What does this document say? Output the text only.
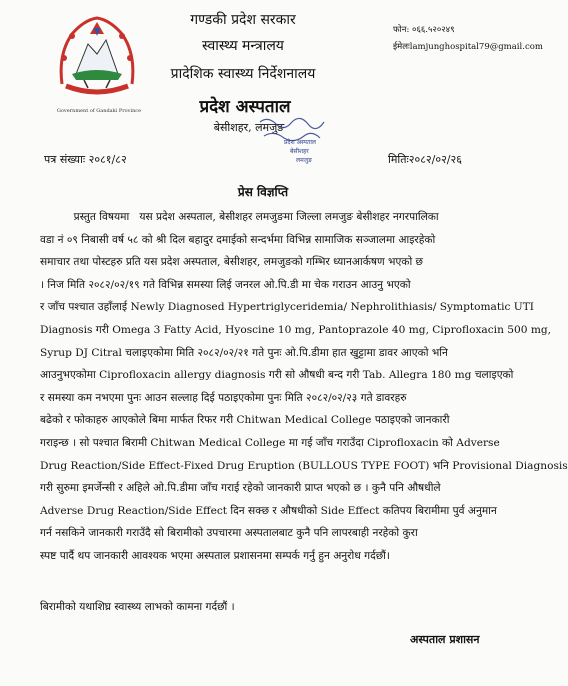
Government of Gandaki Province
गण्डकी प्रदेश सरकार
स्वास्थ्य मन्त्रालय
प्रादेशिक स्वास्थ्य निर्देशनालय
प्रदेश अस्पताल
बेसीशहर, लमजुङ
फोन: ०६६.५२०२४९
ईमेलःlamjunghospital79@gmail.com
प्रदेश अस्पताल
बेसीशहर
लमजुङ
पत्र संख्याः २०८१/८२	मितिः२०८२/०२/२६
प्रेस विज्ञप्ति
प्रस्तुत विषयमा   यस प्रदेश अस्पताल, बेसीशहर लमजुङमा जिल्ला लमजुङ बेसीशहर नगरपालिका
वडा नं ०९ निबासी वर्ष ५८ को श्री दिल बहादुर दमाईको सन्दर्भमा विभिन्न सामाजिक सञ्जालमा आइरहेको
समाचार तथा पोस्टहरु प्रति यस प्रदेश अस्पताल, बेसीशहर, लमजुङको गम्भिर ध्यानआर्कषण भएको छ
। निज मिति २०८२/०२/१९ गते विभिन्न समस्या लिई जनरल ओ.पि.डी मा चेक गराउन आउनु भएको
र जाँच पश्चात उहाँलाई Newly Diagnosed Hypertriglyceridemia/ Nephrolithiasis/ Symptomatic UTI
Diagnosis गरी Omega 3 Fatty Acid, Hyoscine 10 mg, Pantoprazole 40 mg, Ciprofloxacin 500 mg,
Syrup DJ Citral चलाइएकोमा मिति २०८२/०२/२१ गते पुनः ओ.पि.डीमा हात खुट्टामा डावर आएको भनि
आउनुभएकोमा Ciprofloxacin allergy diagnosis गरी सो औषधी बन्द गरी Tab. Allegra 180 mg चलाइएको
र समस्या कम नभएमा पुनः आउन सल्लाह दिई पठाइएकोमा पुनः मिति २०८२/०२/२३ गते डावरहरु
बढेको र फोकाहरु आएकोले बिमा मार्फत रिफर गरी Chitwan Medical College पठाइएको जानकारी
गराइन्छ । सो पश्चात बिरामी Chitwan Medical College मा गई जाँच गराउँदा Ciprofloxacin को Adverse
Drug Reaction/Side Effect-Fixed Drug Eruption (BULLOUS TYPE FOOT) भनि Provisional Diagnosis
गरी सुरुमा इमर्जेन्सी र अहिले ओ.पि.डीमा जाँच गराई रहेको जानकारी प्राप्त भएको छ । कुनै पनि औषधीले
Adverse Drug Reaction/Side Effect दिन सक्छ र औषधीको Side Effect कतिपय बिरामीमा पुर्व अनुमान
गर्न नसकिने जानकारी गराउँदै सो बिरामीको उपचारमा अस्पतालबाट कुनै पनि लापरबाही नरहेको कुरा
स्पष्ट पार्दै थप जानकारी आवश्यक भएमा अस्पताल प्रशासनमा सम्पर्क गर्नु हुन अनुरोध गर्दछौं।
बिरामीको यथाशिघ्र स्वास्थ्य लाभको कामना गर्दछौं ।
अस्पताल प्रशासन
